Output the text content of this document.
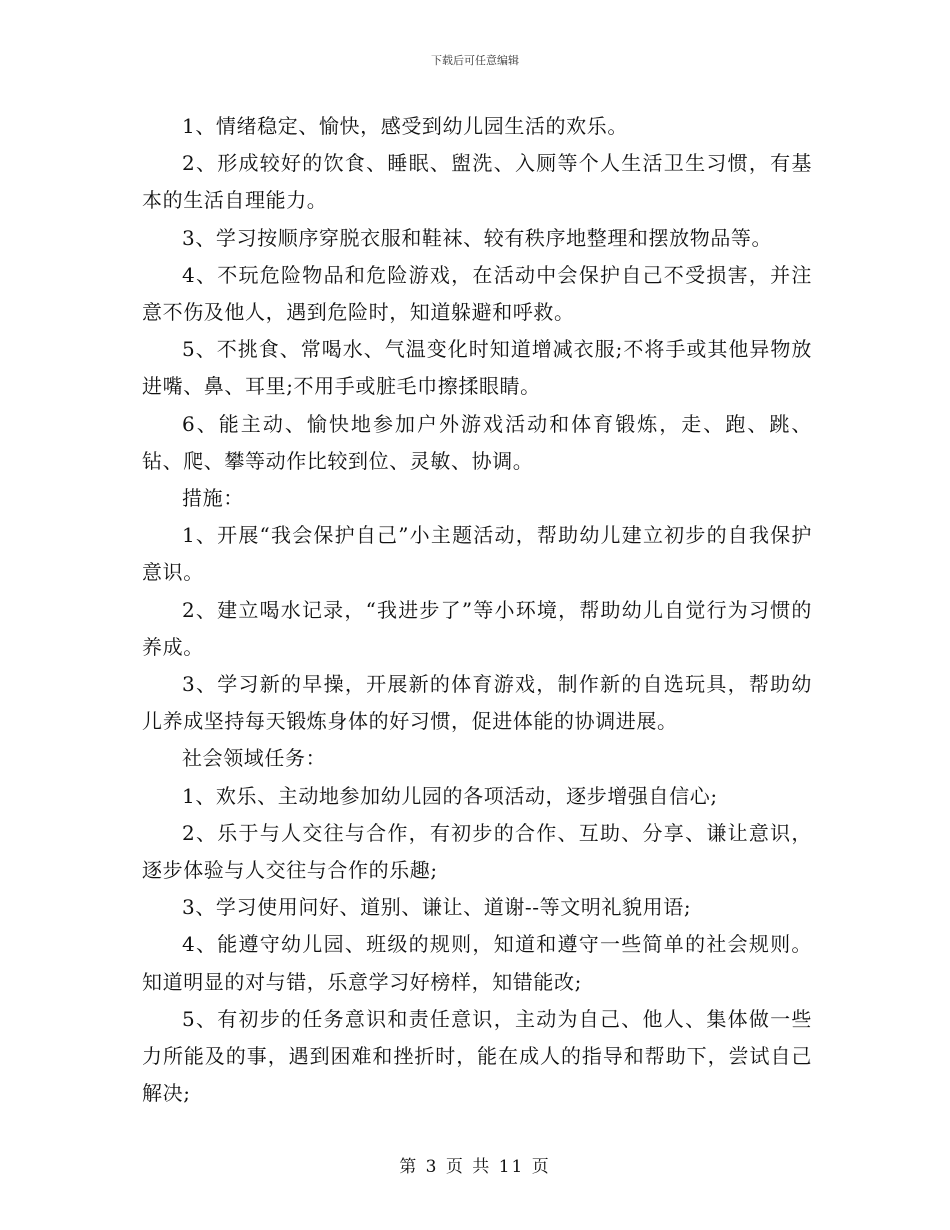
下载后可任意编辑

1、情绪稳定、愉快，感受到幼儿园生活的欢乐。

2、形成较好的饮食、睡眠、盥洗、入厕等个人生活卫生习惯，有基本的生活自理能力。

3、学习按顺序穿脱衣服和鞋袜、较有秩序地整理和摆放物品等。

4、不玩危险物品和危险游戏，在活动中会保护自己不受损害，并注意不伤及他人，遇到危险时，知道躲避和呼救。

5、不挑食、常喝水、气温变化时知道增减衣服;不将手或其他异物放进嘴、鼻、耳里;不用手或脏毛巾擦揉眼睛。

6、能主动、愉快地参加户外游戏活动和体育锻炼，走、跑、跳、钻、爬、攀等动作比较到位、灵敏、协调。

措施：

1、开展“我会保护自己”小主题活动，帮助幼儿建立初步的自我保护意识。

2、建立喝水记录，“我进步了”等小环境，帮助幼儿自觉行为习惯的养成。

3、学习新的早操，开展新的体育游戏，制作新的自选玩具，帮助幼儿养成坚持每天锻炼身体的好习惯，促进体能的协调进展。

社会领域任务：

1、欢乐、主动地参加幼儿园的各项活动，逐步增强自信心;

2、乐于与人交往与合作，有初步的合作、互助、分享、谦让意识，逐步体验与人交往与合作的乐趣;

3、学习使用问好、道别、谦让、道谢--等文明礼貌用语;

4、能遵守幼儿园、班级的规则，知道和遵守一些简单的社会规则。知道明显的对与错，乐意学习好榜样，知错能改;

5、有初步的任务意识和责任意识，主动为自己、他人、集体做一些力所能及的事，遇到困难和挫折时，能在成人的指导和帮助下，尝试自己解决;

第 3 页 共 11 页
